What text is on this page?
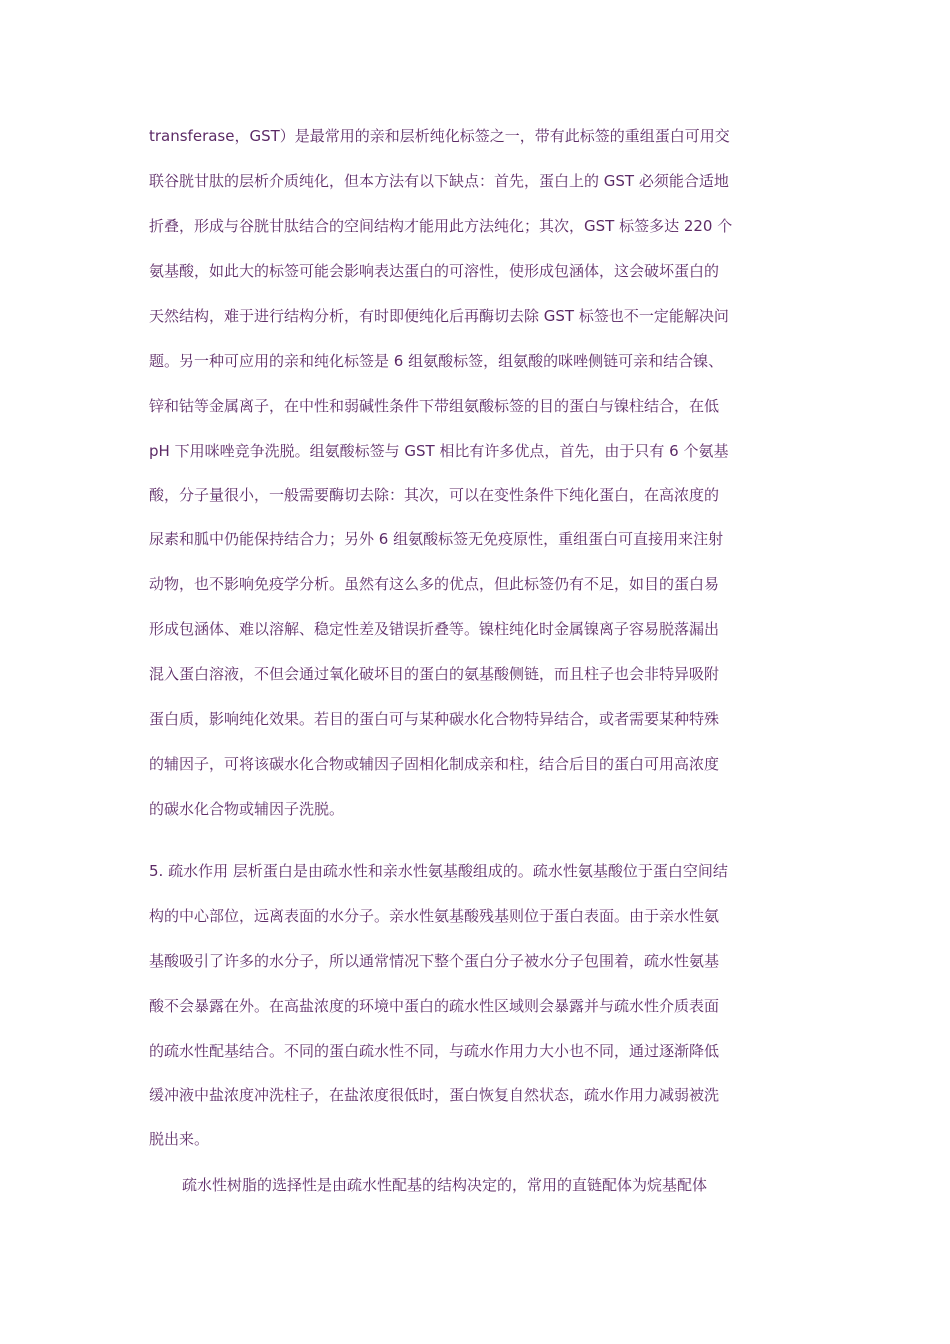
transferase，GST）是最常用的亲和层析纯化标签之一，带有此标签的重组蛋白可用交
联谷胱甘肽的层析介质纯化，但本方法有以下缺点：首先，蛋白上的 GST 必须能合适地
折叠，形成与谷胱甘肽结合的空间结构才能用此方法纯化；其次，GST 标签多达 220 个
氨基酸，如此大的标签可能会影响表达蛋白的可溶性，使形成包涵体，这会破坏蛋白的
天然结构，难于进行结构分析，有时即便纯化后再酶切去除 GST 标签也不一定能解决问
题。另一种可应用的亲和纯化标签是 6 组氨酸标签，组氨酸的咪唑侧链可亲和结合镍、
锌和钴等金属离子，在中性和弱碱性条件下带组氨酸标签的目的蛋白与镍柱结合，在低
pH 下用咪唑竞争洗脱。组氨酸标签与 GST 相比有许多优点，首先，由于只有 6 个氨基
酸，分子量很小，一般需要酶切去除：其次，可以在变性条件下纯化蛋白，在高浓度的
尿素和胍中仍能保持结合力；另外 6 组氨酸标签无免疫原性，重组蛋白可直接用来注射
动物，也不影响免疫学分析。虽然有这么多的优点，但此标签仍有不足，如目的蛋白易
形成包涵体、难以溶解、稳定性差及错误折叠等。镍柱纯化时金属镍离子容易脱落漏出
混入蛋白溶液，不但会通过氧化破坏目的蛋白的氨基酸侧链，而且柱子也会非特异吸附
蛋白质，影响纯化效果。若目的蛋白可与某种碳水化合物特异结合，或者需要某种特殊
的辅因子，可将该碳水化合物或辅因子固相化制成亲和柱，结合后目的蛋白可用高浓度
的碳水化合物或辅因子洗脱。
5. 疏水作用 层析蛋白是由疏水性和亲水性氨基酸组成的。疏水性氨基酸位于蛋白空间结
构的中心部位，远离表面的水分子。亲水性氨基酸残基则位于蛋白表面。由于亲水性氨
基酸吸引了许多的水分子，所以通常情况下整个蛋白分子被水分子包围着，疏水性氨基
酸不会暴露在外。在高盐浓度的环境中蛋白的疏水性区域则会暴露并与疏水性介质表面
的疏水性配基结合。不同的蛋白疏水性不同，与疏水作用力大小也不同，通过逐渐降低
缓冲液中盐浓度冲洗柱子，在盐浓度很低时，蛋白恢复自然状态，疏水作用力减弱被洗
脱出来。
疏水性树脂的选择性是由疏水性配基的结构决定的，常用的直链配体为烷基配体
